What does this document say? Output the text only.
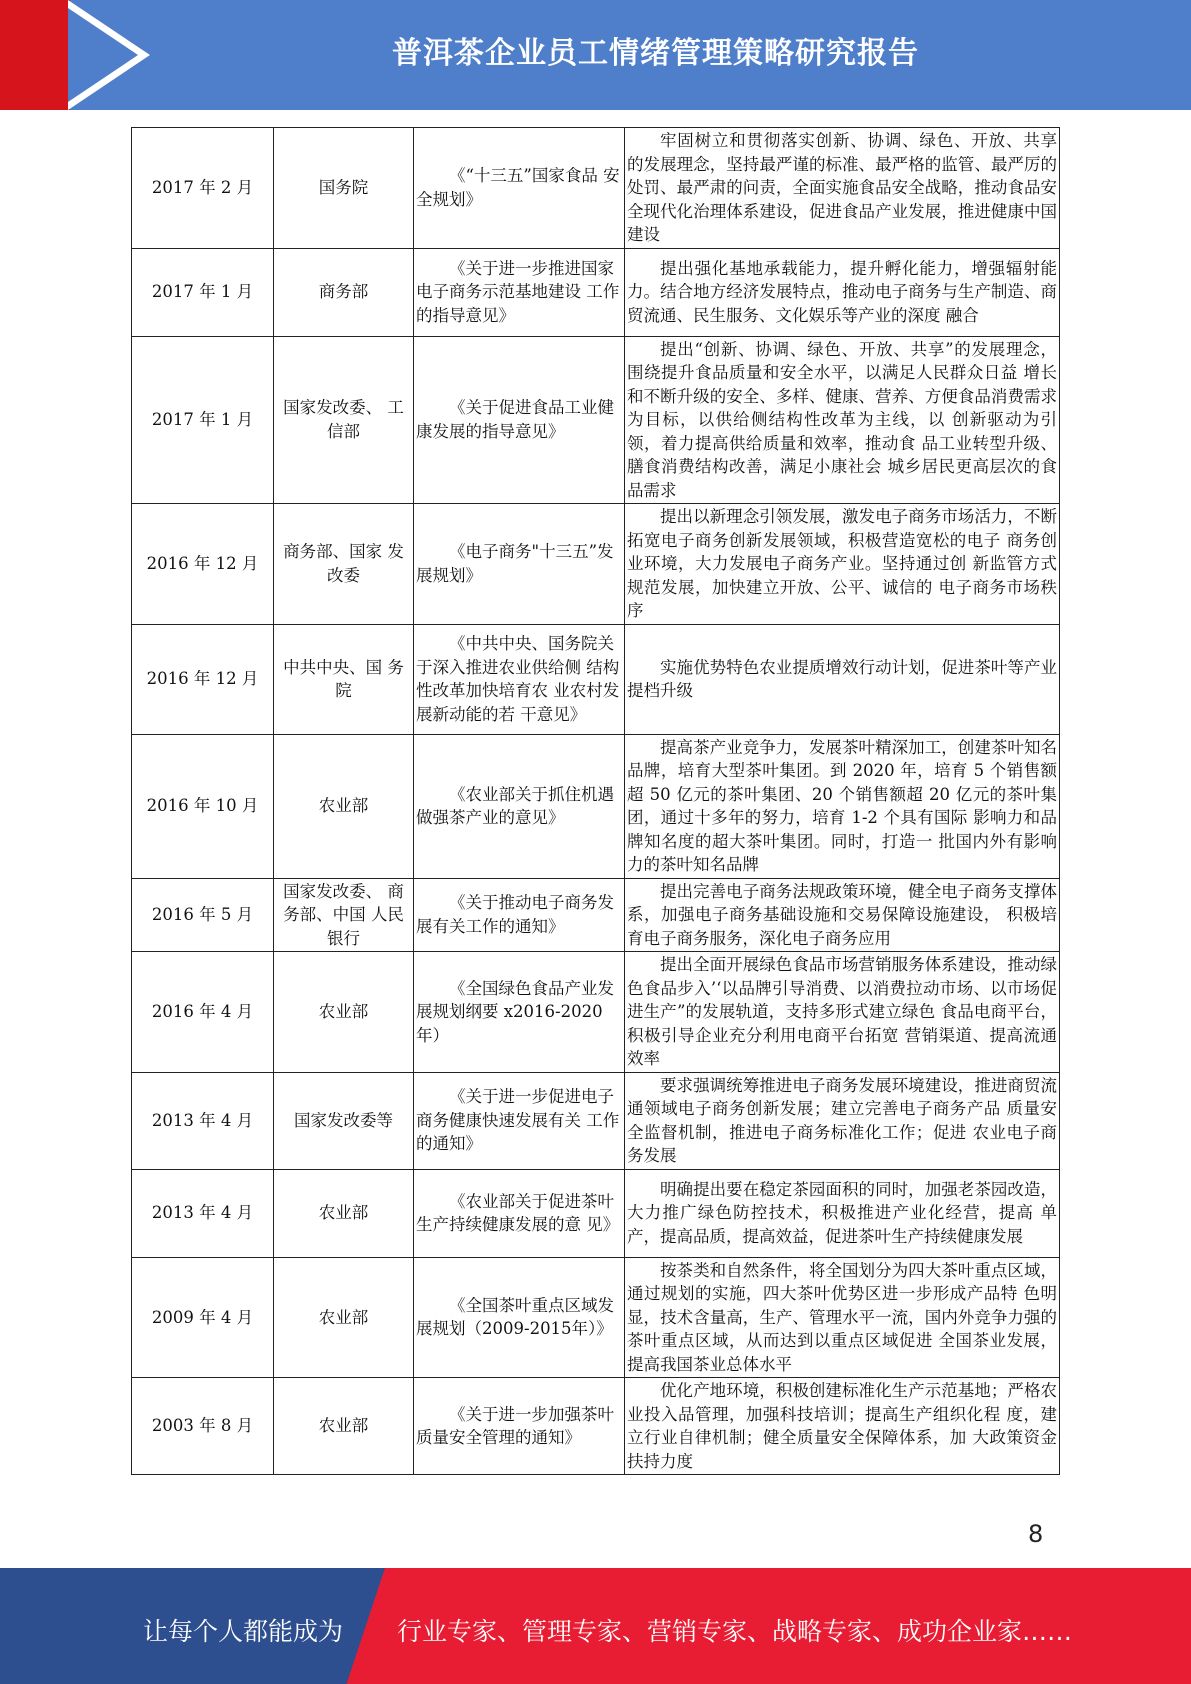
普洱茶企业员工情绪管理策略研究报告
2017 年 2 月	国务院	《“十三五”国家食品 安全规划》	牢固树立和贯彻落实创新、协调、绿色、开放、共享 的发展理念，坚持最严谨的标准、最严格的监管、最严厉的处罚、最严肃的问责，全面实施食品安全战略，推动食品安全现代化治理体系建设，促进食品产业发展，推进健康中国建设
2017 年 1 月	商务部	《关于进一步推进国家 电子商务示范基地建设 工作的指导意见》	提出强化基地承载能力，提升孵化能力，增强辐射能 力。结合地方经济发展特点，推动电子商务与生产制造、商贸流通、民生服务、文化娱乐等产业的深度 融合
2017 年 1 月	国家发改委、 工信部	《关于促进食品工业健 康发展的指导意见》	提出“创新、协调、绿色、开放、共享”的发展理念， 围绕提升食品质量和安全水平，以满足人民群众日益 增长和不断升级的安全、多样、健康、营养、方便食品消费需求为目标，以供给侧结构性改革为主线，以 创新驱动为引领，着力提高供给质量和效率，推动食 品工业转型升级、膳食消费结构改善，满足小康社会 城乡居民更高层次的食品需求
2016 年 12 月	商务部、国家 发改委	《电子商务"十三五”发展规划》	提出以新理念引领发展，激发电子商务市场活力，不断拓宽电子商务创新发展领域，积极营造宽松的电子 商务创业环境，大力发展电子商务产业。坚持通过创 新监管方式规范发展，加快建立开放、公平、诚信的 电子商务市场秩序
2016 年 12 月	中共中央、国 务院	《中共中央、国务院关 于深入推进农业供给侧 结构性改革加快培育农 业农村发展新动能的若 干意见》	实施优势特色农业提质增效行动计划，促进茶叶等产业提档升级
2016 年 10 月	农业部	《农业部关于抓住机遇 做强茶产业的意见》	提高茶产业竞争力，发展茶叶精深加工，创建茶叶知名品牌，培育大型茶叶集团。到 2020 年，培育 5 个销售额超 50 亿元的茶叶集团、20 个销售额超 20 亿元的茶叶集团，通过十多年的努力，培育 1-2 个具有国际 影响力和品牌知名度的超大茶叶集团。同时，打造一 批国内外有影响力的茶叶知名品牌
2016 年 5 月	国家发改委、 商务部、中国 人民银行	《关于推动电子商务发 展有关工作的通知》	提出完善电子商务法规政策环境，健全电子商务支撑体系，加强电子商务基础设施和交易保障设施建设， 积极培育电子商务服务，深化电子商务应用
2016 年 4 月	农业部	《全国绿色食品产业发 展规划纲要 x2016-2020 年）	提出全面开展绿色食品市场营销服务体系建设，推动绿色食品步入’‘以品牌引导消费、以消费拉动市场、以市场促进生产”的发展轨道，支持多形式建立绿色 食品电商平台，积极引导企业充分利用电商平台拓宽 营销渠道、提高流通效率
2013 年 4 月	国家发改委等	《关于进一步促进电子 商务健康快速发展有关 工作的通知》	要求强调统筹推进电子商务发展环境建设，推进商贸流通领域电子商务创新发展；建立完善电子商务产品 质量安全监督机制，推进电子商务标准化工作；促进 农业电子商务发展
2013 年 4 月	农业部	《农业部关于促进茶叶 生产持续健康发展的意 见》	明确提出要在稳定茶园面积的同时，加强老茶园改造， 大力推广绿色防控技术，积极推进产业化经营，提高 单产，提高品质，提高效益，促进茶叶生产持续健康发展
2009 年 4 月	农业部	《全国茶叶重点区域发 展规划（2009-2015年）》	按茶类和自然条件，将全国划分为四大茶叶重点区域， 通过规划的实施，四大茶叶优势区进一步形成产品特 色明显，技术含量高，生产、管理水平一流，国内外竞争力强的茶叶重点区域，从而达到以重点区域促进 全国茶业发展，提高我国茶业总体水平
2003 年 8 月	农业部	《关于进一步加强茶叶 质量安全管理的通知》	优化产地环境，积极创建标准化生产示范基地；严格农业投入品管理，加强科技培训；提高生产组织化程 度，建立行业自律机制；健全质量安全保障体系，加 大政策资金扶持力度
8
让每个人都能成为 行业专家、管理专家、营销专家、战略专家、成功企业家……
